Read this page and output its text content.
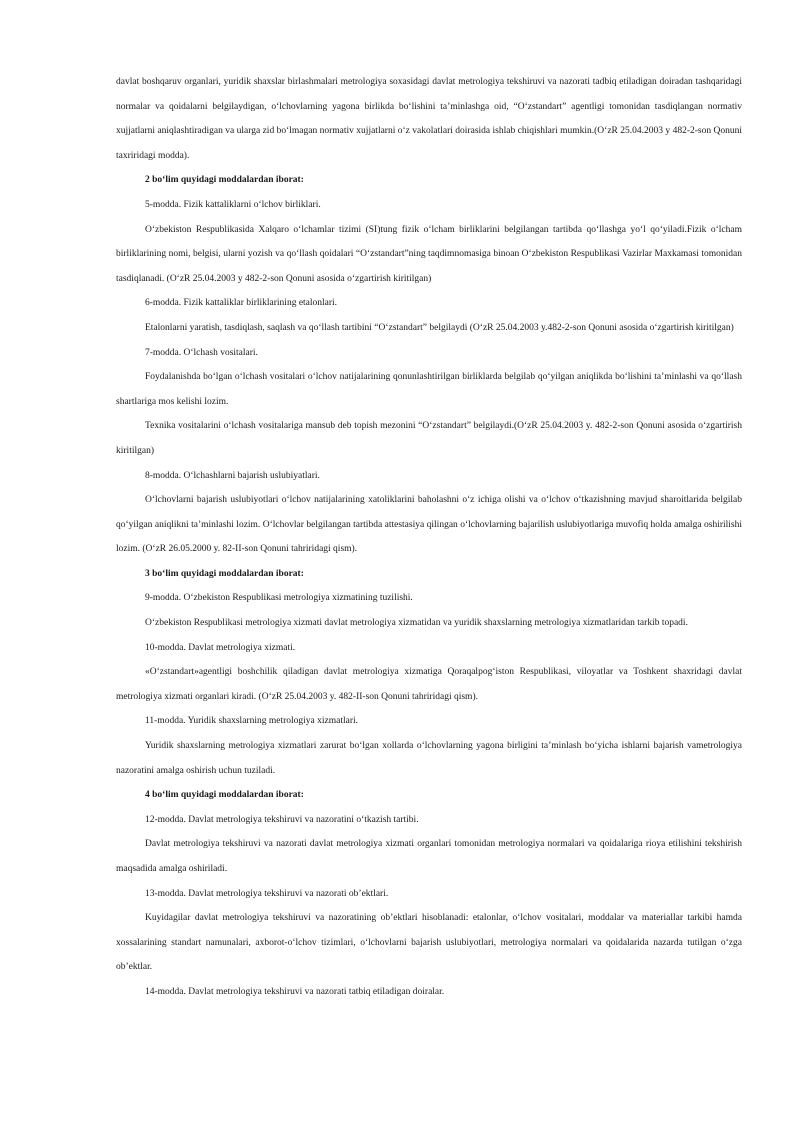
davlat boshqaruv organlari, yuridik shaxslar birlashmalari metrologiya soxasidagi davlat metrologiya tekshiruvi va nazorati tadbiq etiladigan doiradan tashqaridagi normalar va qoidalarni belgilaydigan, o‘lchovlarning yagona birlikda bo‘lishini ta’minlashga oid, “O‘zstandart” agentligi tomonidan tasdiqlangan normativ xujjatlarni aniqlashtiradigan va ularga zid bo‘lmagan normativ xujjatlarni o‘z vakolatlari doirasida ishlab chiqishlari mumkin.(O‘zR 25.04.2003 y 482-2-son Qonuni taxriridagi modda).

2 bo‘lim quyidagi moddalardan iborat:

5-modda. Fizik kattaliklarni o‘lchov birliklari.

O‘zbekiston Respublikasida Xalqaro o‘lchamlar tizimi (SI)tung fizik o‘lcham birliklarini belgilangan tartibda qo‘llashga yo‘l qo‘yiladi.Fizik o‘lcham birliklarining nomi, belgisi, ularni yozish va qo‘llash qoidalari “O‘zstandart”ning taqdimnomasiga binoan O‘zbekiston Respublikasi Vazirlar Maxkamasi tomonidan tasdiqlanadi. (O‘zR 25.04.2003 y 482-2-son Qonuni asosida o‘zgartirish kiritilgan)

6-modda. Fizik kattaliklar birliklarining etalonlari.

Etalonlarni yaratish, tasdiqlash, saqlash va qo‘llash tartibini “O‘zstandart” belgilaydi (O‘zR 25.04.2003 y.482-2-son Qonuni asosida o‘zgartirish kiritilgan)

7-modda. O‘lchash vositalari.

Foydalanishda bo‘lgan o‘lchash vositalari o‘lchov natijalarining qonunlashtirilgan birliklarda belgilab qo‘yilgan aniqlikda bo‘lishini ta’minlashi va qo‘llash shartlariga mos kelishi lozim.

Texnika vositalarini o‘lchash vositalariga mansub deb topish mezonini “O‘zstandart” belgilaydi.(O‘zR 25.04.2003 y. 482-2-son Qonuni asosida o‘zgartirish kiritilgan)

8-modda. O‘lchashlarni bajarish uslubiyatlari.

O‘lchovlarni bajarish uslubiyotlari o‘lchov natijalarining xatoliklarini baholashni o‘z ichiga olishi va o‘lchov o‘tkazishning mavjud sharoitlarida belgilab qo‘yilgan aniqlikni ta’minlashi lozim. O‘lchovlar belgilangan tartibda attestasiya qilingan o‘lchovlarning bajarilish uslubiyotlariga muvofiq holda amalga oshirilishi lozim. (O‘zR 26.05.2000 y. 82-II-son Qonuni tahriridagi qism).

3 bo‘lim quyidagi moddalardan iborat:

9-modda. O‘zbekiston Respublikasi metrologiya xizmatining tuzilishi.

O‘zbekiston Respublikasi metrologiya xizmati davlat metrologiya xizmatidan va yuridik shaxslarning metrologiya xizmatlaridan tarkib topadi.

10-modda. Davlat metrologiya xizmati.

«O‘zstandart»agentligi boshchilik qiladigan davlat metrologiya xizmatiga Qoraqalpog‘iston Respublikasi, viloyatlar va Toshkent shaxridagi davlat metrologiya xizmati organlari kiradi. (O‘zR 25.04.2003 y. 482-II-son Qonuni tahriridagi qism).

11-modda. Yuridik shaxslarning metrologiya xizmatlari.

Yuridik shaxslarning metrologiya xizmatlari zarurat bo‘lgan xollarda o‘lchovlarning yagona birligini ta’minlash bo‘yicha ishlarni bajarish vametrologiya nazoratini amalga oshirish uchun tuziladi.

4 bo‘lim quyidagi moddalardan iborat:

12-modda. Davlat metrologiya tekshiruvi va nazoratini o‘tkazish tartibi.

Davlat metrologiya tekshiruvi va nazorati davlat metrologiya xizmati organlari tomonidan metrologiya normalari va qoidalariga rioya etilishini tekshirish maqsadida amalga oshiriladi.

13-modda. Davlat metrologiya tekshiruvi va nazorati ob’ektlari.

Kuyidagilar davlat metrologiya tekshiruvi va nazoratining ob’ektlari hisoblanadi: etalonlar, o‘lchov vositalari, moddalar va materiallar tarkibi hamda xossalarining standart namunalari, axborot-o‘lchov tizimlari, o‘lchovlarni bajarish uslubiyotlari, metrologiya normalari va qoidalarida nazarda tutilgan o‘zga ob’ektlar.

14-modda. Davlat metrologiya tekshiruvi va nazorati tatbiq etiladigan doiralar.
